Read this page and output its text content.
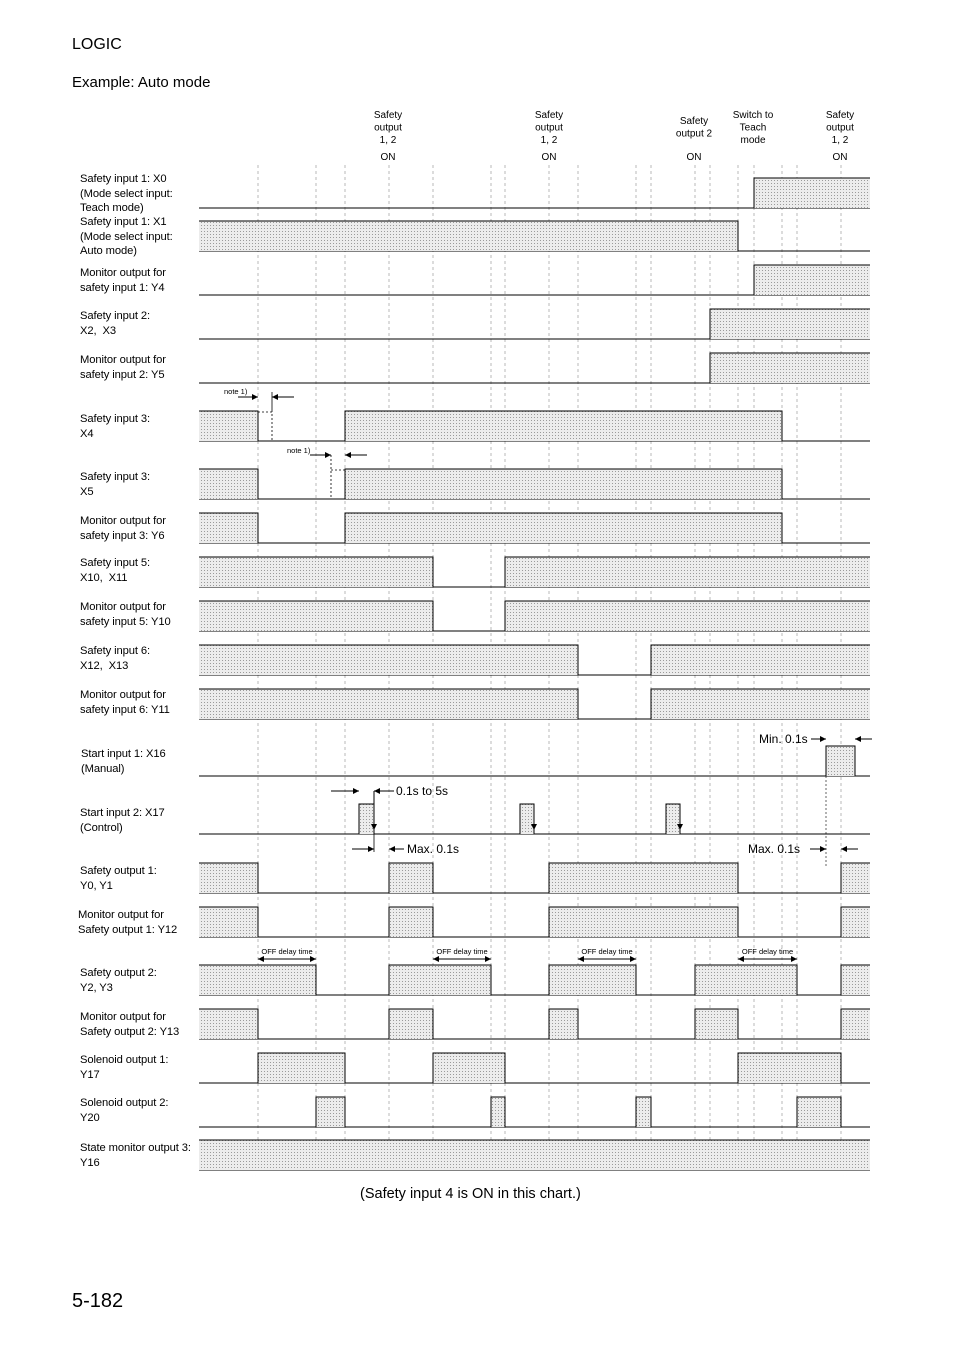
LOGIC
Example: Auto mode
Safety input 1: X0
(Mode select input:
Teach mode)
Safety input 1: X1
(Mode select input:
Auto mode)
Monitor output for
safety input 1: Y4
Safety input 2:
X2,  X3
Monitor output for
safety input 2: Y5
Safety input 3:
X4
Safety input 3:
X5
Monitor output for
safety input 3: Y6
Safety input 5:
X10,  X11
Monitor output for
safety input 5: Y10
Safety input 6:
X12,  X13
Monitor output for
safety input 6: Y11
Start input 1: X16
(Manual)
Start input 2: X17
(Control)
Safety output 1:
Y0, Y1
Monitor output for
Safety output 1: Y12
Safety output 2:
Y2, Y3
Monitor output for
Safety output 2: Y13
Solenoid output 1:
Y17
Solenoid output 2:
Y20
State monitor output 3:
Y16
Safety
output
1, 2
ON
Safety
output
1, 2
ON
Safety
output 2
ON
Switch to
Teach
mode
Safety
output
1, 2
ON
note 1)
note 1)
0.1s to 5s
Max. 0.1s	Max. 0.1s
Min. 0.1s
OFF delay time	OFF delay time	OFF delay time	OFF delay time
(Safety input 4 is ON in this chart.)
5-182
